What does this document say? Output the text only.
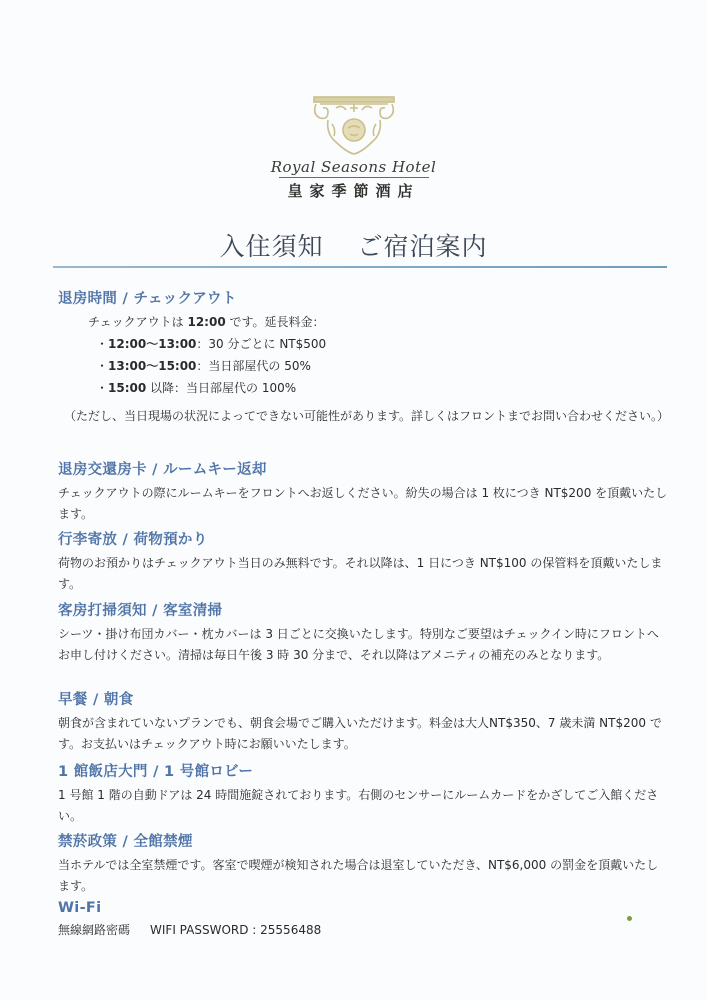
Royal Seasons Hotel
皇家季節酒店
入住須知 ご宿泊案内
退房時間 / チェックアウト
チェックアウトは 12:00 です。延長料金：
・12:00〜13:00：30 分ごとに NT$500
・13:00〜15:00：当日部屋代の 50%
・15:00 以降：当日部屋代の 100%
（ただし、当日現場の状況によってできない可能性があります。詳しくはフロントまでお問い合わせください。）
退房交還房卡 / ルームキー返却

チェックアウトの際にルームキーをフロントへお返しください。紛失の場合は 1 枚につき NT$200 を頂戴いたします。

行李寄放 / 荷物預かり

荷物のお預かりはチェックアウト当日のみ無料です。それ以降は、1 日につき NT$100 の保管料を頂戴いたします。

客房打掃須知 / 客室清掃

シーツ・掛け布団カバー・枕カバーは 3 日ごとに交換いたします。特別なご要望はチェックイン時にフロントへお申し付けください。清掃は毎日午後 3 時 30 分まで、それ以降はアメニティの補充のみとなります。

早餐 / 朝食

朝食が含まれていないプランでも、朝食会場でご購入いただけます。料金は大人NT$350、7 歳未満 NT$200 です。お支払いはチェックアウト時にお願いいたします。

1 館飯店大門 / 1 号館ロビー

1 号館 1 階の自動ドアは 24 時間施錠されております。右側のセンサーにルームカードをかざしてご入館ください。

禁菸政策 / 全館禁煙

当ホテルでは全室禁煙です。客室で喫煙が検知された場合は退室していただき、NT$6,000 の罰金を頂戴いたします。

Wi-Fi
無線網路密碼 WIFI PASSWORD : 25556488
